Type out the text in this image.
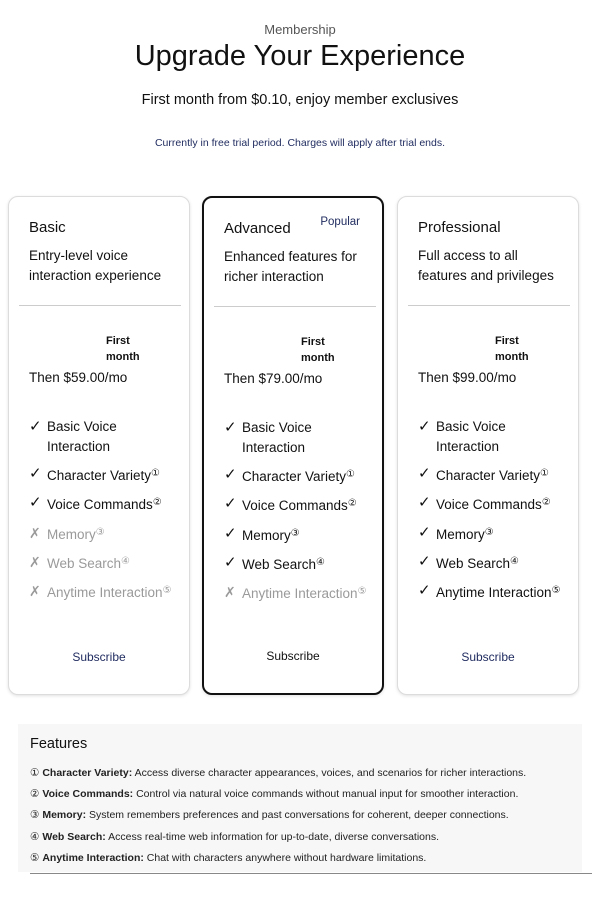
Membership
Upgrade Your Experience
First month from $0.10, enjoy member exclusives
Currently in free trial period. Charges will apply after trial ends.
Basic
Entry-level voice interaction experience
First month
Then $59.00/mo
✓ Basic Voice Interaction
✓ Character Variety①
✓ Voice Commands②
✗ Memory③
✗ Web Search④
✗ Anytime Interaction⑤
Subscribe
Advanced	Popular
Enhanced features for richer interaction
First month
Then $79.00/mo
✓ Basic Voice Interaction
✓ Character Variety①
✓ Voice Commands②
✓ Memory③
✓ Web Search④
✗ Anytime Interaction⑤
Subscribe
Professional
Full access to all features and privileges
First month
Then $99.00/mo
✓ Basic Voice Interaction
✓ Character Variety①
✓ Voice Commands②
✓ Memory③
✓ Web Search④
✓ Anytime Interaction⑤
Subscribe
Features
① Character Variety: Access diverse character appearances, voices, and scenarios for richer interactions.
② Voice Commands: Control via natural voice commands without manual input for smoother interaction.
③ Memory: System remembers preferences and past conversations for coherent, deeper connections.
④ Web Search: Access real-time web information for up-to-date, diverse conversations.
⑤ Anytime Interaction: Chat with characters anywhere without hardware limitations.
